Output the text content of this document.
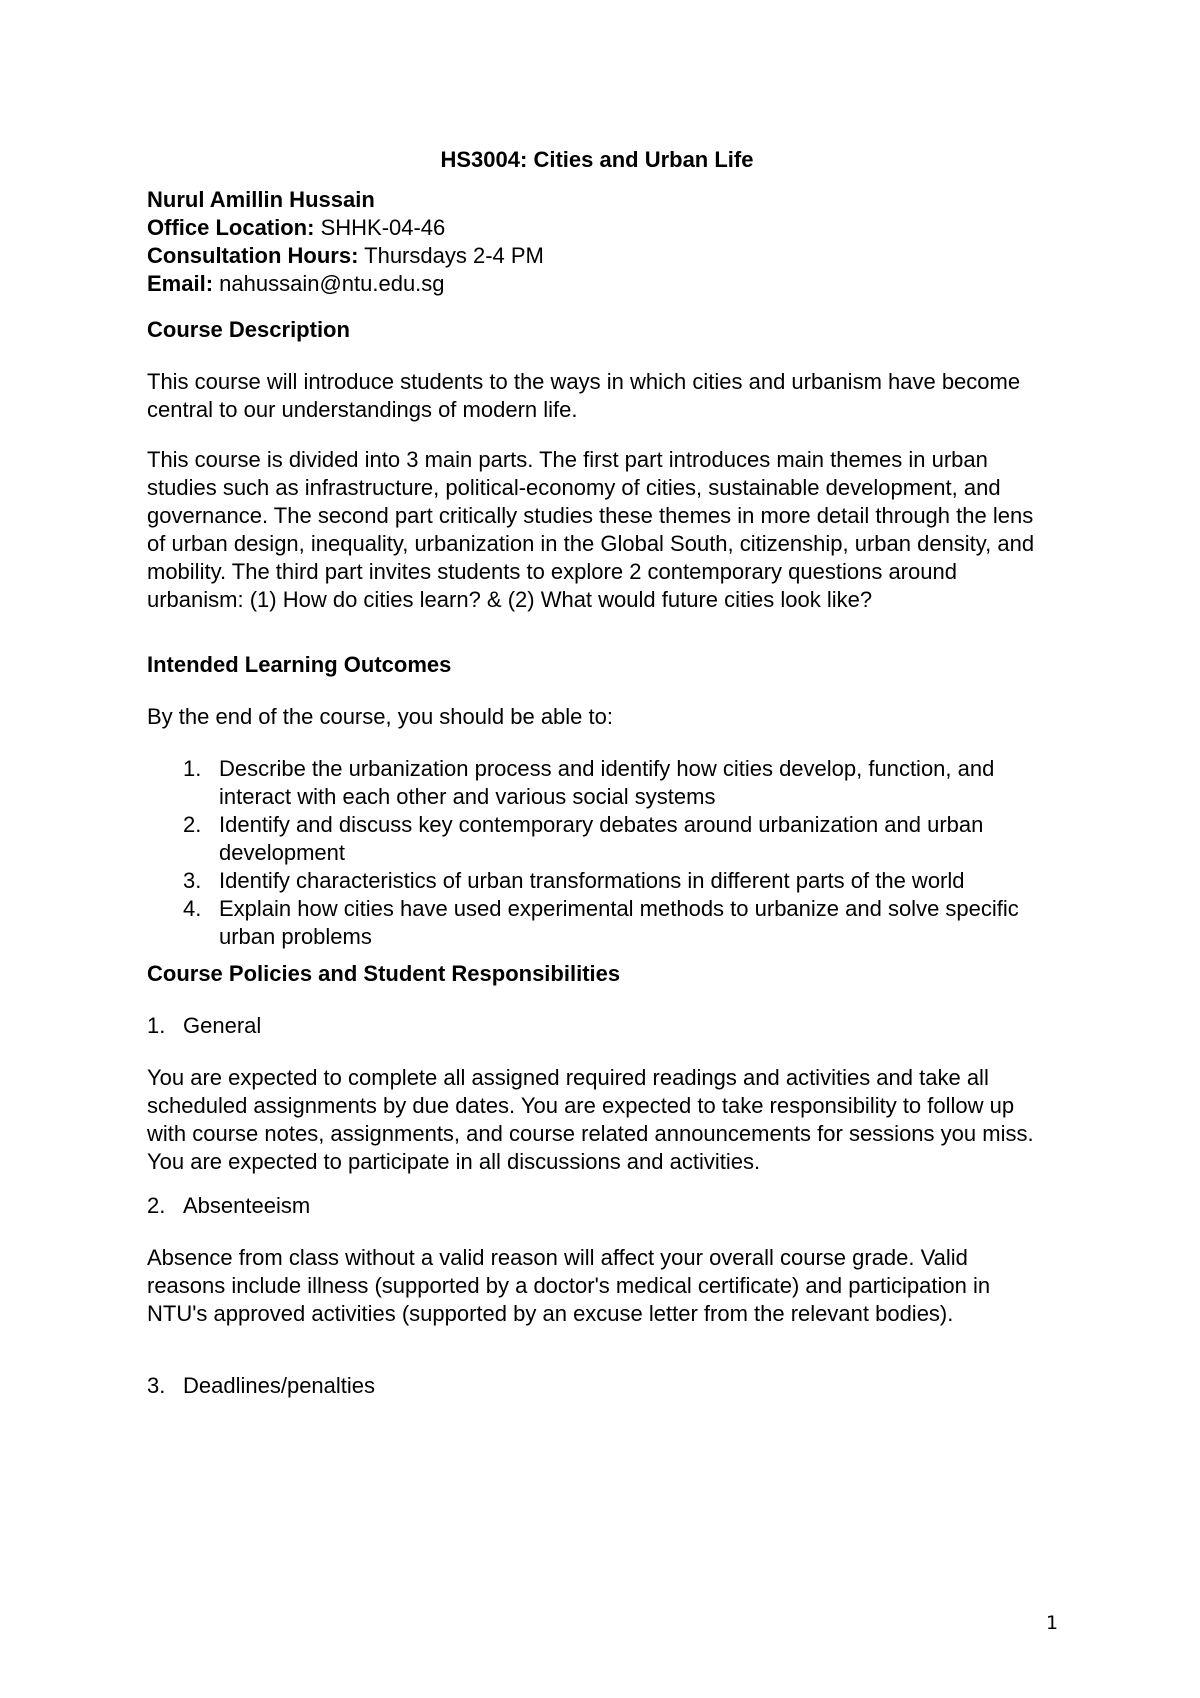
HS3004: Cities and Urban Life

Nurul Amillin Hussain

Office Location: SHHK-04-46

Consultation Hours: Thursdays 2-4 PM

Email: nahussain@ntu.edu.sg

Course Description
This course will introduce students to the ways in which cities and urbanism have become central to our understandings of modern life.
This course is divided into 3 main parts. The first part introduces main themes in urban studies such as infrastructure, political-economy of cities, sustainable development, and governance. The second part critically studies these themes in more detail through the lens of urban design, inequality, urbanization in the Global South, citizenship, urban density, and mobility. The third part invites students to explore 2 contemporary questions around urbanism: (1) How do cities learn? & (2) What would future cities look like?
Intended Learning Outcomes
By the end of the course, you should be able to:
1. Describe the urbanization process and identify how cities develop, function, and interact with each other and various social systems
2. Identify and discuss key contemporary debates around urbanization and urban development
3. Identify characteristics of urban transformations in different parts of the world
4. Explain how cities have used experimental methods to urbanize and solve specific urban problems
Course Policies and Student Responsibilities
1. General
You are expected to complete all assigned required readings and activities and take all scheduled assignments by due dates. You are expected to take responsibility to follow up with course notes, assignments, and course related announcements for sessions you miss. You are expected to participate in all discussions and activities.
2. Absenteeism
Absence from class without a valid reason will affect your overall course grade. Valid reasons include illness (supported by a doctor's medical certificate) and participation in NTU's approved activities (supported by an excuse letter from the relevant bodies).
3. Deadlines/penalties
1
